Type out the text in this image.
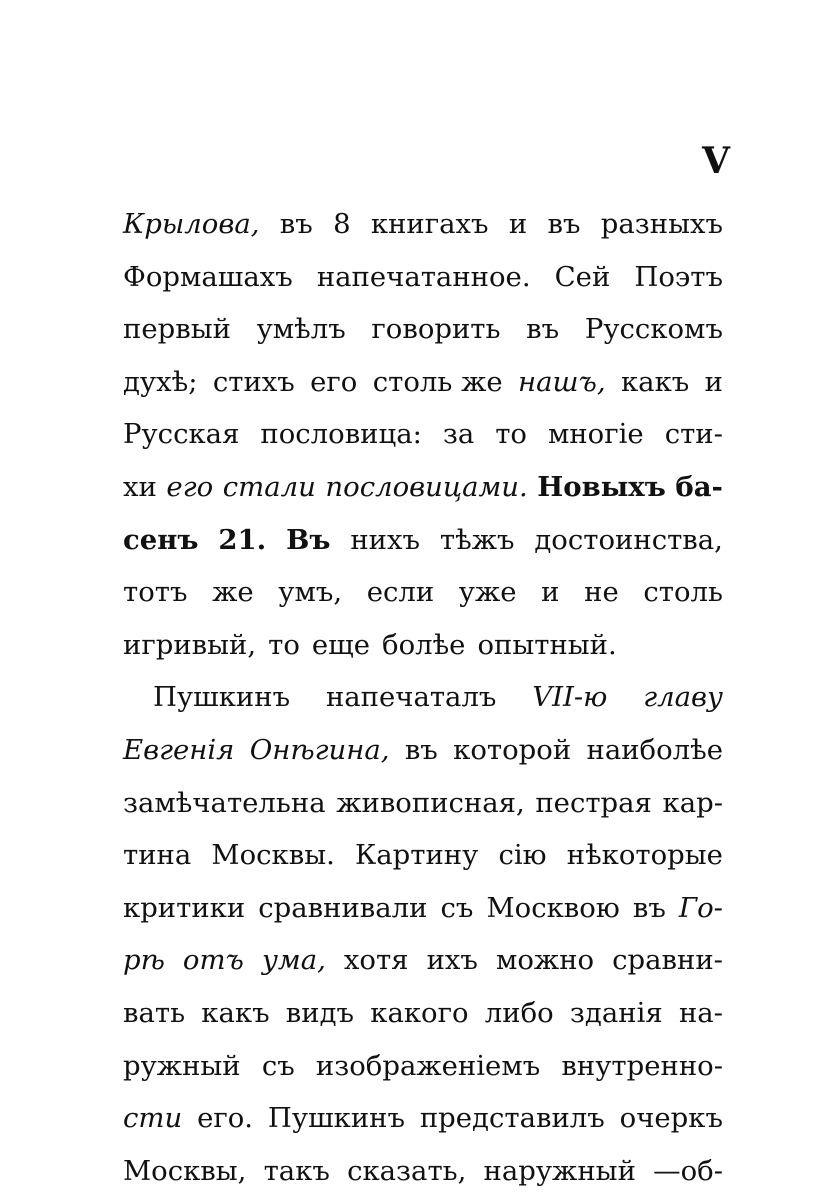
V
Крылова, въ 8 книгахъ и въ разныхъ
Формашахъ напечатанное. Сей Поэтъ
первый умѣлъ говорить въ Русскомъ
духѣ; стихъ его столь же нашъ, какъ и
Русская пословица: за то многіе сти-
хи его стали пословицами. Новыхъ ба-
сенъ 21. Въ нихъ тѣжъ достоинства,
тотъ же умъ, если уже и не столь
игривый, то еще болѣе опытный.
Пушкинъ напечаталъ VII-ю главу
Евгенія Онѣгина, въ которой наиболѣе
замѣчательна живописная, пестрая кар-
тина Москвы. Картину сію нѣкоторые
критики сравнивали съ Москвою въ Го-
рѣ отъ ума, хотя ихъ можно сравни-
вать какъ видъ какого либо зданія на-
ружный съ изображеніемъ внутренно-
сти его. Пушкинъ представилъ очеркъ
Москвы, такъ сказать, наружный —об-
